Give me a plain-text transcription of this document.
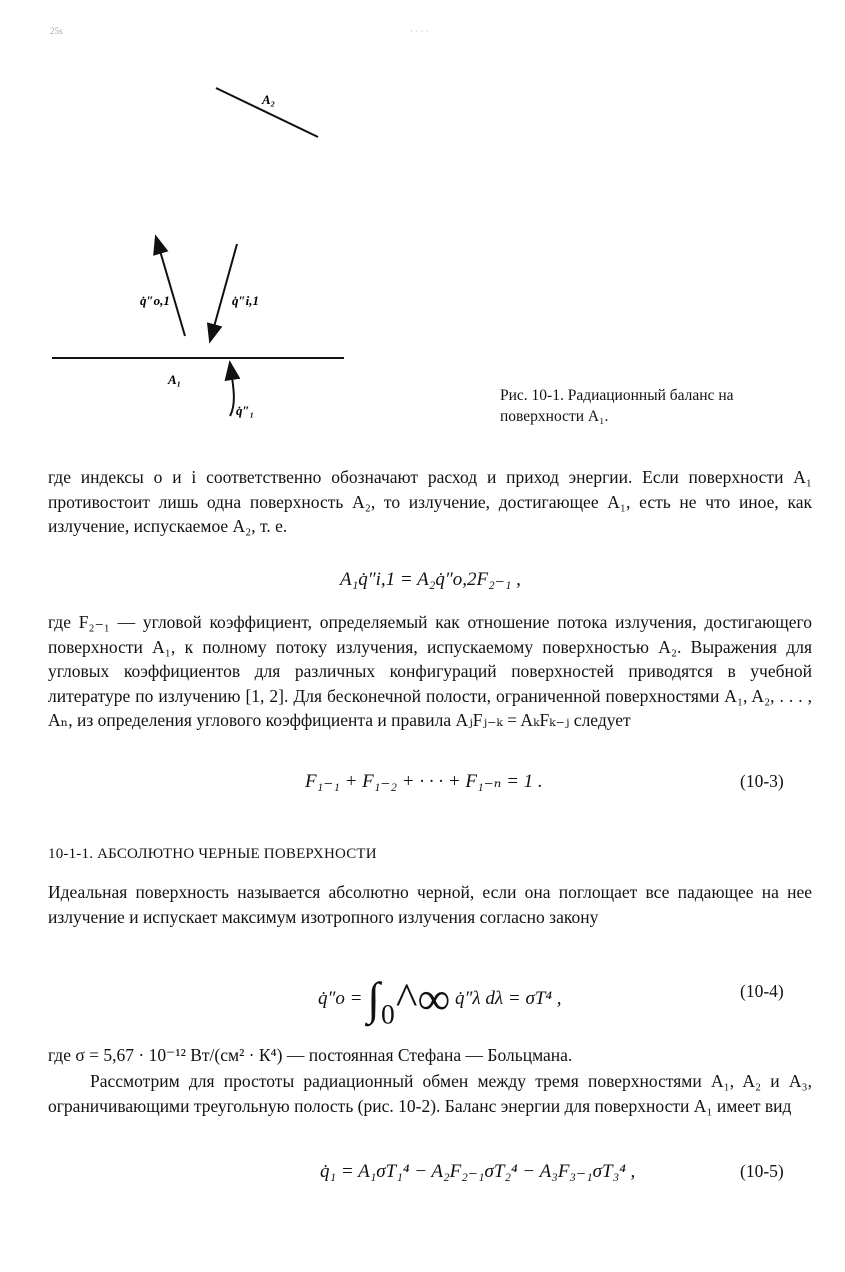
25s	· · · ·
A₂
q̇″o,1	q̇″i,1
A₁
q̇″₁
Рис. 10-1. Радиационный баланс на поверхности A₁.
где индексы o и i соответственно обозначают расход и приход энергии. Если поверхности A₁ противостоит лишь одна поверхность A₂, то излучение, достигающее A₁, есть не что иное, как излучение, испускаемое A₂, т. е.
A₁q̇″i,1 = A₂q̇″o,2F₂₋₁ ,
где F₂₋₁ — угловой коэффициент, определяемый как отношение потока излучения, достигающего поверхности A₁, к полному потоку излучения, испускаемому поверхностью A₂. Выражения для угловых коэффициентов для различных конфигураций поверхностей приводятся в учебной литературе по излучению [1, 2]. Для бесконечной полости, ограниченной поверхностями A₁, A₂, . . . , Aₙ, из определения углового коэффициента и правила AⱼFⱼ₋ₖ = AₖFₖ₋ⱼ следует
F₁₋₁ + F₁₋₂ + · · · + F₁₋ₙ = 1 .	(10-3)
10-1-1. АБСОЛЮТНО ЧЕРНЫЕ ПОВЕРХНОСТИ
Идеальная поверхность называется абсолютно черной, если она поглощает все падающее на нее излучение и испускает максимум изотропного излучения согласно закону
q̇″o = ∫₀^∞ q̇″λ dλ = σT⁴ ,	(10-4)
где σ = 5,67 · 10⁻¹² Вт/(см² · К⁴) — постоянная Стефана — Больцмана.
Рассмотрим для простоты радиационный обмен между тремя поверхностями A₁, A₂ и A₃, ограничивающими треугольную полость (рис. 10-2). Баланс энергии для поверхности A₁ имеет вид
q̇₁ = A₁σT₁⁴ − A₂F₂₋₁σT₂⁴ − A₃F₃₋₁σT₃⁴ ,	(10-5)
